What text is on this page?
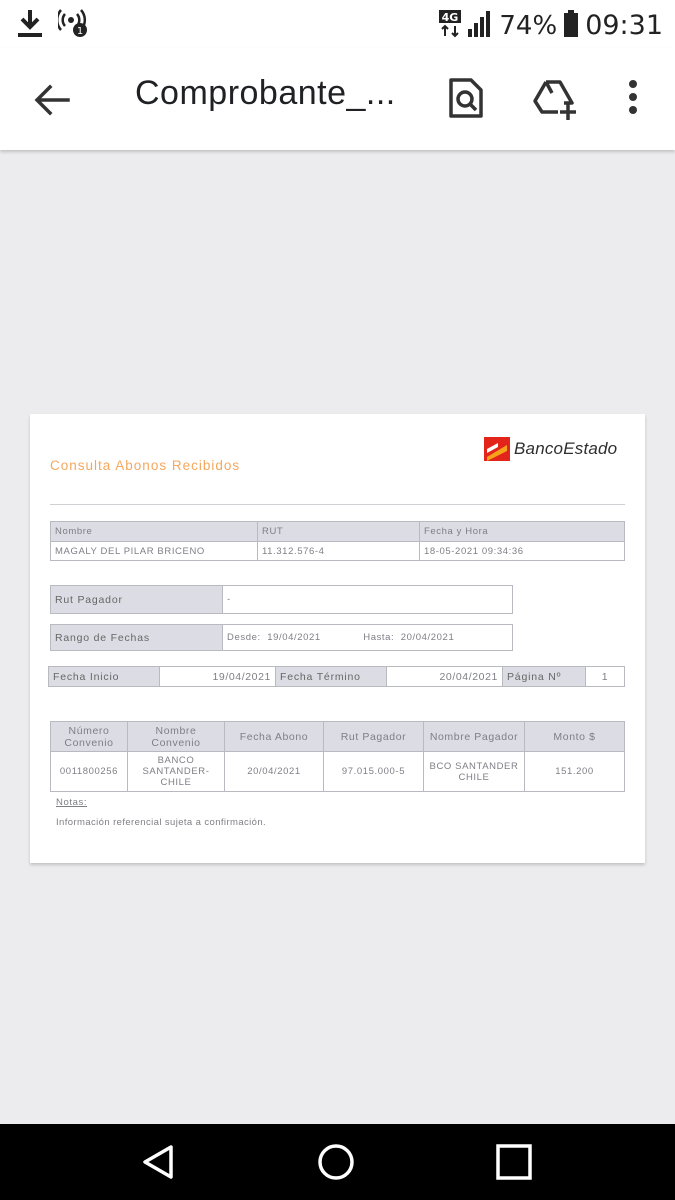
1
4G 74% 09:31
Comprobante_...
Consulta Abonos Recibidos
BancoEstado
Nombre	RUT	Fecha y Hora
MAGALY DEL PILAR BRICENO	11.312.576-4	18-05-2021 09:34:36
Rut Pagador	-
Rango de Fechas	Desde: 19/04/2021	Hasta: 20/04/2021
Fecha Inicio	19/04/2021	Fecha Término	20/04/2021	Página Nº	1
Número Convenio	Nombre Convenio	Fecha Abono	Rut Pagador	Nombre Pagador	Monto $
0011800256	BANCO SANTANDER-CHILE	20/04/2021	97.015.000-5	BCO SANTANDER CHILE	151.200
Notas:
Información referencial sujeta a confirmación.
